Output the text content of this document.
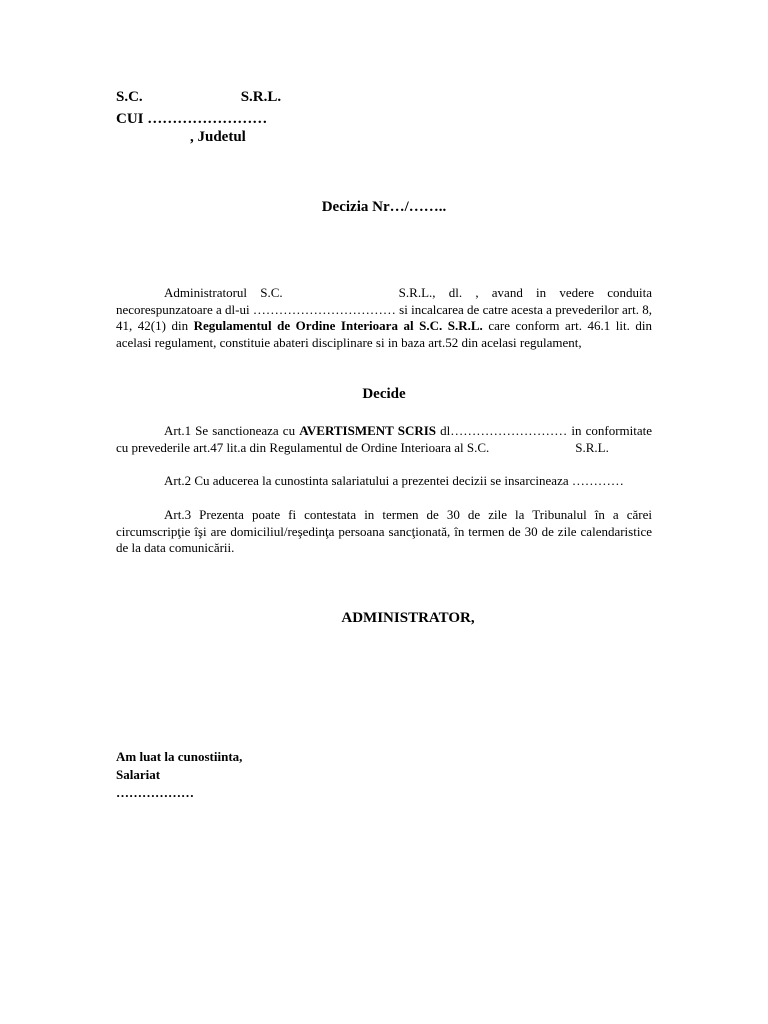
S.C.	S.R.L.
CUI ……………………
, Judetul
Decizia Nr…/……..
Administratorul S.C.	S.R.L., dl. , avand in vedere conduita necorespunzatoare a dl-ui …………………………… si incalcarea de catre acesta a prevederilor art. 8, 41, 42(1) din Regulamentul de Ordine Interioara al S.C. S.R.L. care conform art. 46.1 lit. din acelasi regulament, constituie abateri disciplinare si in baza art.52 din acelasi regulament,
Decide
Art.1 Se sanctioneaza cu AVERTISMENT SCRIS dl……………………… in conformitate cu prevederile art.47 lit.a din Regulamentul de Ordine Interioara al S.C.	S.R.L.
Art.2 Cu aducerea la cunostinta salariatului a prezentei decizii se insarcineaza …………
Art.3 Prezenta poate fi contestata in termen de 30 de zile la Tribunalul în a cărei circumscripţie îşi are domiciliul/reşedinţa persoana sancţionată, în termen de 30 de zile calendaristice de la data comunicării.
ADMINISTRATOR,
Am luat la cunostiinta,
Salariat
………………
